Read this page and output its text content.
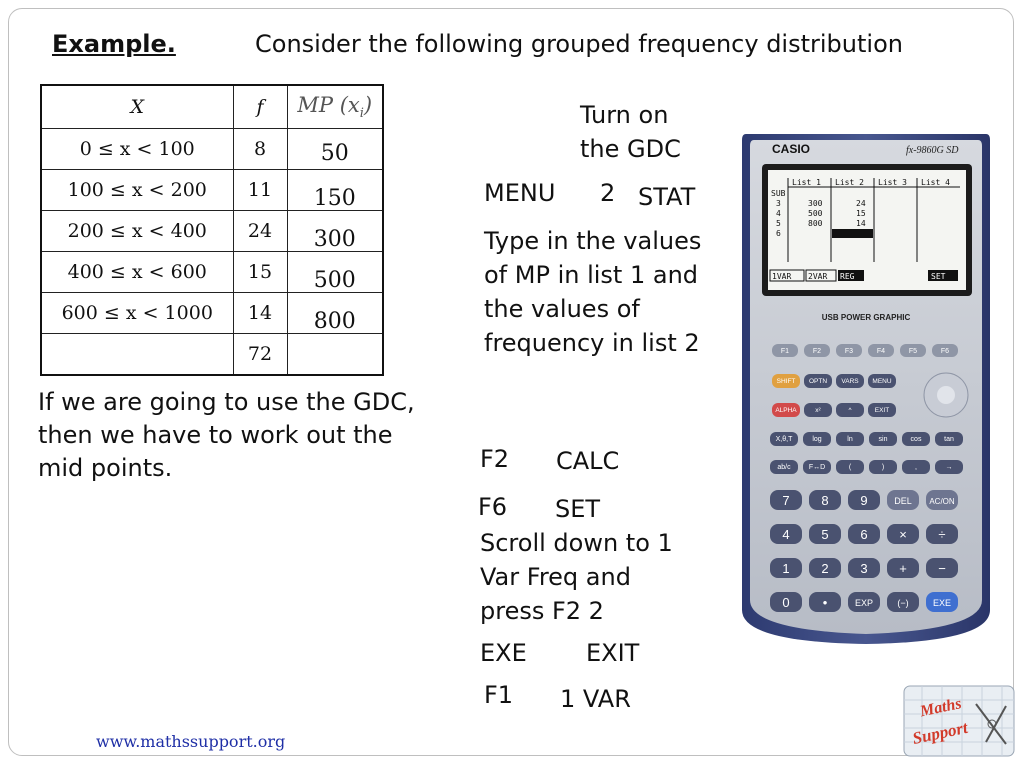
Example.	Consider the following grouped frequency distribution
X	f	MP $(x_i)$
0 ≤ x < 100	8	50

100 ≤ x < 200	11	150

200 ≤ x < 400	24	300

400 ≤ x < 600	15	500

600 ≤ x < 1000	14	800

	72	
If we are going to use the GDC,
then we have to work out the
mid points.
Turn on
the GDC
MENU 2 STAT
Type in the values
of MP in list 1 and
the values of
frequency in list 2
F2 CALC
F6 SET
Scroll down to 1
Var Freq and
press F2 2
EXE EXIT
F1 1 VAR
CASIO	fx-9860G SD
List 1 List 2 List 3 List 4
SUB
3	300	24
4	500	15
5	800	14
6
1VAR 2VAR REG	SET
USB POWER GRAPHIC
F1	F2	F3	F4	F5	F6
SHIFT OPTN VARS MENU
ALPHA	x²	^	EXIT
X,θ,T	log	ln	sin	cos	tan
ab/c	F↔D	(	)	,	→
7 8 9	DEL AC/ON
4 5 6 × ÷
1 2 3 + −
0	•	EXP	(−)	EXE
www.mathssupport.org
Maths
Support
